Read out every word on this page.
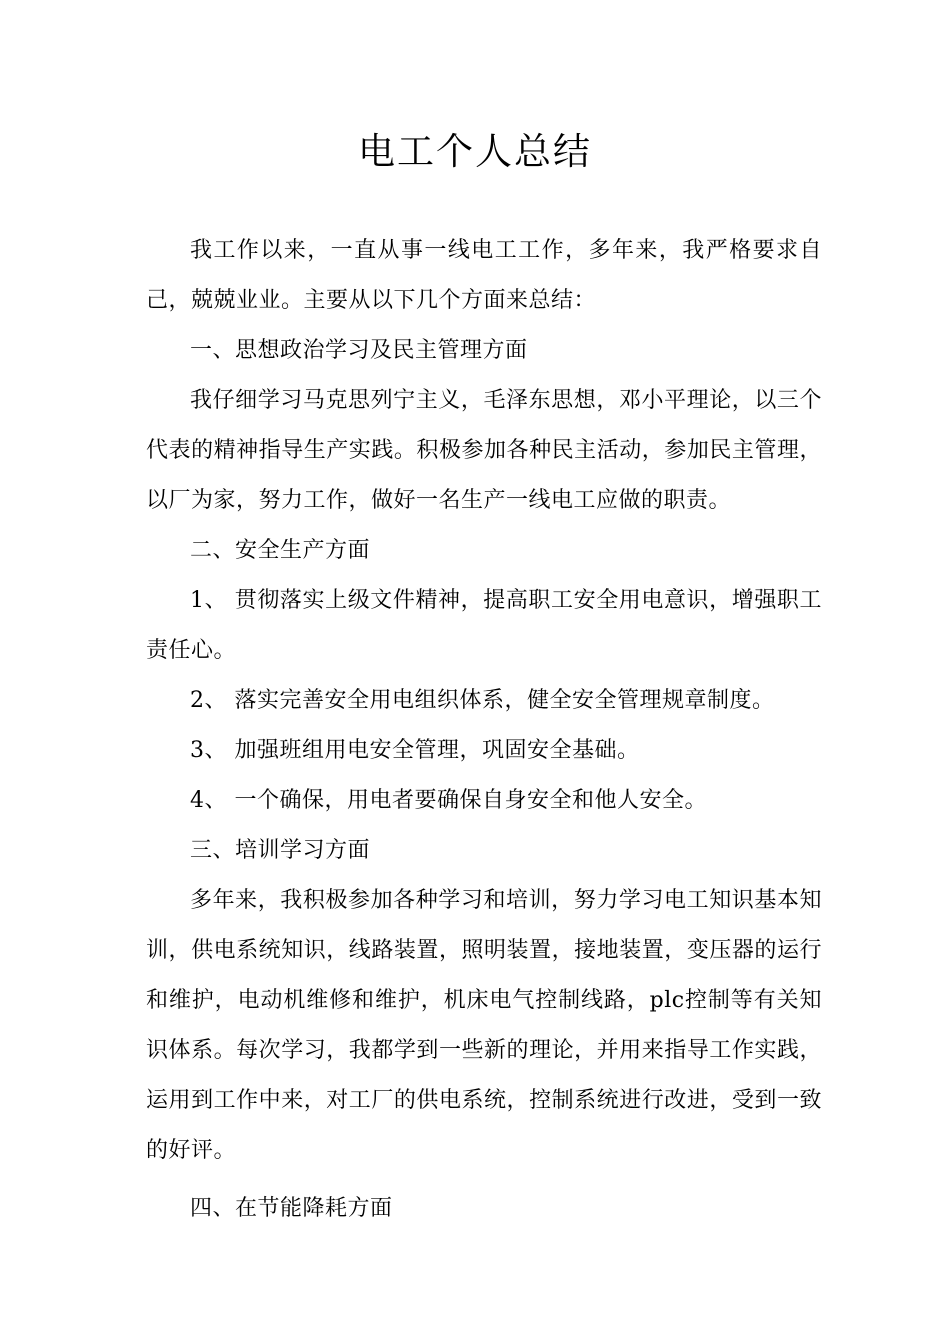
电工个人总结

我工作以来，一直从事一线电工工作，多年来，我严格要求自己，兢兢业业。主要从以下几个方面来总结：

一、思想政治学习及民主管理方面

我仔细学习马克思列宁主义，毛泽东思想，邓小平理论，以三个代表的精神指导生产实践。积极参加各种民主活动，参加民主管理，以厂为家，努力工作，做好一名生产一线电工应做的职责。

二、安全生产方面

1、 贯彻落实上级文件精神，提高职工安全用电意识，增强职工责任心。

2、 落实完善安全用电组织体系，健全安全管理规章制度。

3、 加强班组用电安全管理，巩固安全基础。

4、 一个确保，用电者要确保自身安全和他人安全。

三、培训学习方面

多年来，我积极参加各种学习和培训，努力学习电工知识基本知训，供电系统知识，线路装置，照明装置，接地装置，变压器的运行和维护，电动机维修和维护，机床电气控制线路，plc控制等有关知识体系。每次学习，我都学到一些新的理论，并用来指导工作实践，运用到工作中来，对工厂的供电系统，控制系统进行改进，受到一致的好评。

四、在节能降耗方面
